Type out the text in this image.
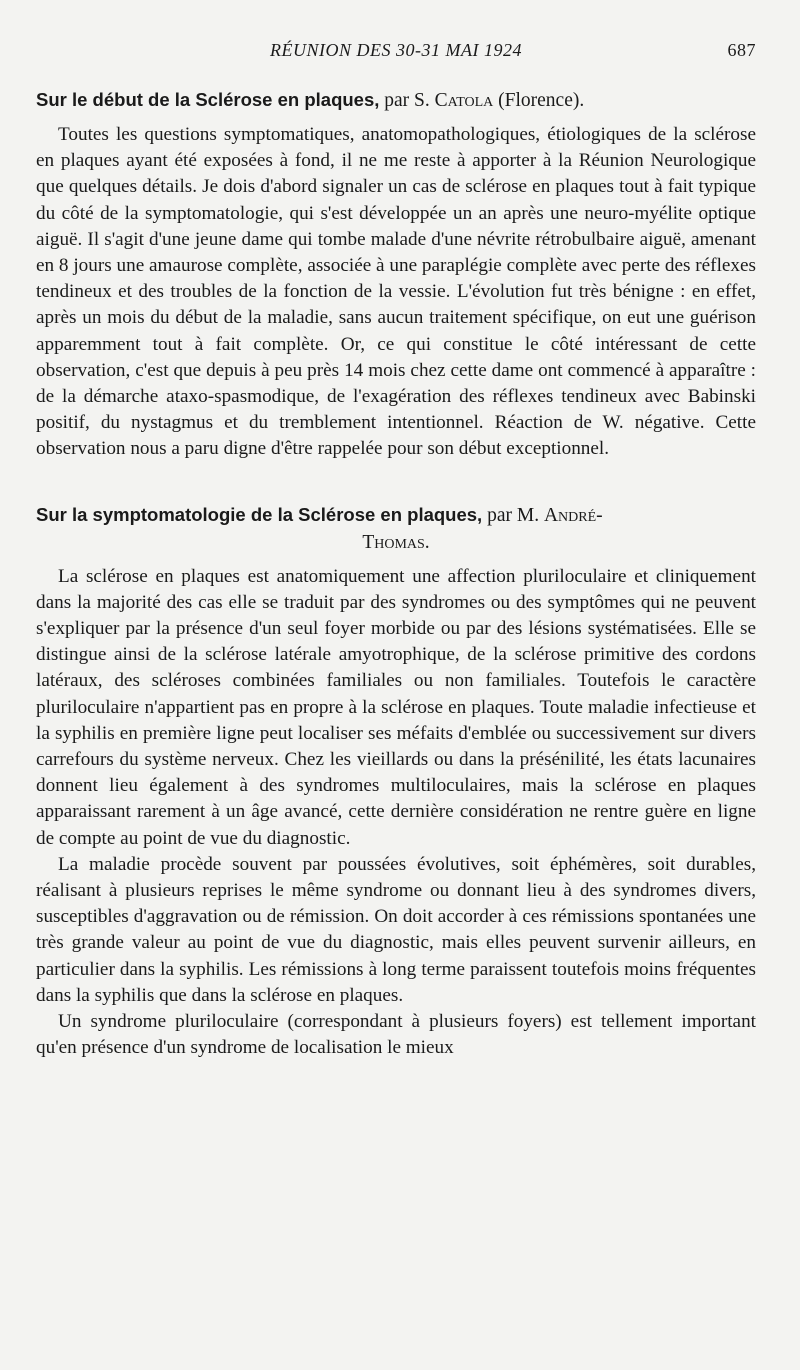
RÉUNION DES 30-31 MAI 1924	687
Sur le début de la Sclérose en plaques, par S. Catola (Florence).

Toutes les questions symptomatiques, anatomopathologiques, étiologiques de la sclérose en plaques ayant été exposées à fond, il ne me reste à apporter à la Réunion Neurologique que quelques détails. Je dois d'abord signaler un cas de sclérose en plaques tout à fait typique du côté de la symptomatologie, qui s'est développée un an après une neuro-myélite optique aiguë. Il s'agit d'une jeune dame qui tombe malade d'une névrite rétrobulbaire aiguë, amenant en 8 jours une amaurose complète, associée à une paraplégie complète avec perte des réflexes tendineux et des troubles de la fonction de la vessie. L'évolution fut très bénigne : en effet, après un mois du début de la maladie, sans aucun traitement spécifique, on eut une guérison apparemment tout à fait complète. Or, ce qui constitue le côté intéressant de cette observation, c'est que depuis à peu près 14 mois chez cette dame ont commencé à apparaître : de la démarche ataxo-spasmodique, de l'exagération des réflexes tendineux avec Babinski positif, du nystagmus et du tremblement intentionnel. Réaction de W. négative. Cette observation nous a paru digne d'être rappelée pour son début exceptionnel.

Sur la symptomatologie de la Sclérose en plaques, par M. André-
Thomas.

La sclérose en plaques est anatomiquement une affection pluriloculaire et cliniquement dans la majorité des cas elle se traduit par des syndromes ou des symptômes qui ne peuvent s'expliquer par la présence d'un seul foyer morbide ou par des lésions systématisées. Elle se distingue ainsi de la sclérose latérale amyotrophique, de la sclérose primitive des cordons latéraux, des scléroses combinées familiales ou non familiales. Toutefois le caractère pluriloculaire n'appartient pas en propre à la sclérose en plaques. Toute maladie infectieuse et la syphilis en première ligne peut localiser ses méfaits d'emblée ou successivement sur divers carrefours du système nerveux. Chez les vieillards ou dans la présénilité, les états lacunaires donnent lieu également à des syndromes multiloculaires, mais la sclérose en plaques apparaissant rarement à un âge avancé, cette dernière considération ne rentre guère en ligne de compte au point de vue du diagnostic.

La maladie procède souvent par poussées évolutives, soit éphémères, soit durables, réalisant à plusieurs reprises le même syndrome ou donnant lieu à des syndromes divers, susceptibles d'aggravation ou de rémission. On doit accorder à ces rémissions spontanées une très grande valeur au point de vue du diagnostic, mais elles peuvent survenir ailleurs, en particulier dans la syphilis. Les rémissions à long terme paraissent toutefois moins fréquentes dans la syphilis que dans la sclérose en plaques.

Un syndrome pluriloculaire (correspondant à plusieurs foyers) est tellement important qu'en présence d'un syndrome de localisation le mieux
